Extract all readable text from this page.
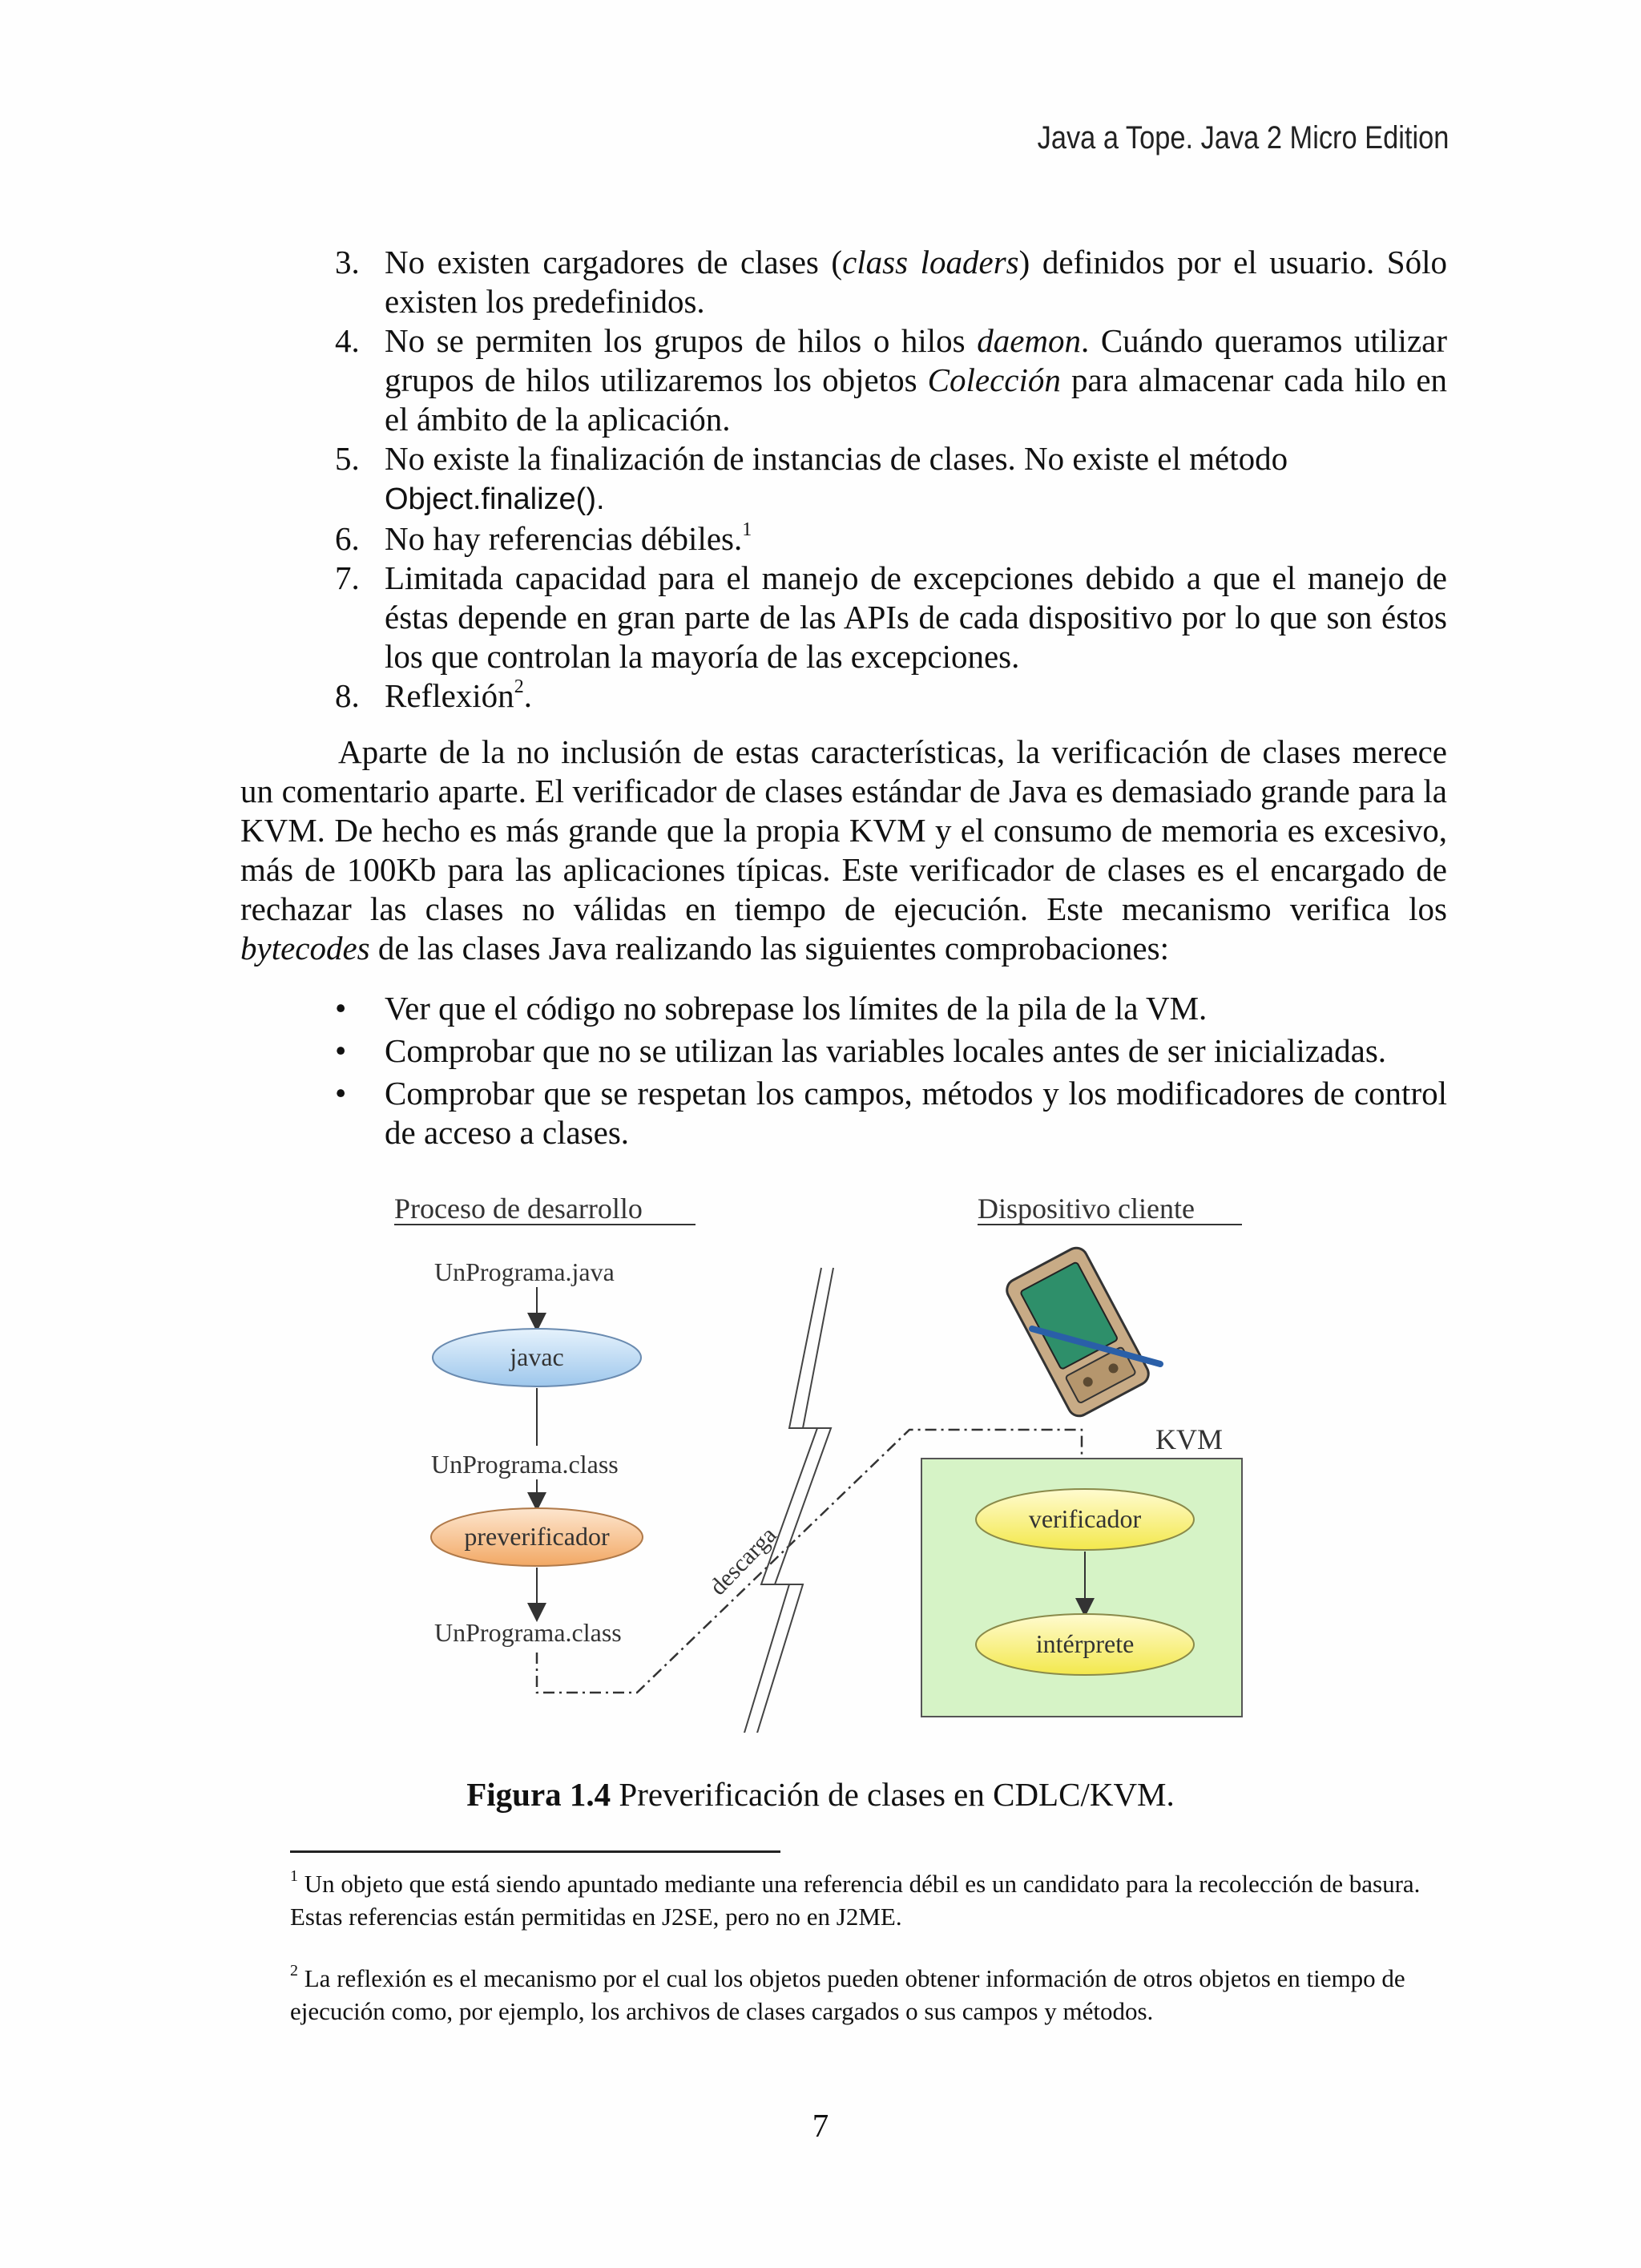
Java a Tope. Java 2 Micro Edition
3. No existen cargadores de clases (class loaders) definidos por el usuario. Sólo existen los predefinidos.
4. No se permiten los grupos de hilos o hilos daemon. Cuándo queramos utilizar grupos de hilos utilizaremos los objetos Colección para almacenar cada hilo en el ámbito de la aplicación.
5. No existe la finalización de instancias de clases. No existe el método
Object.finalize().
6. No hay referencias débiles.$^1$
7. Limitada capacidad para el manejo de excepciones debido a que el manejo de éstas depende en gran parte de las APIs de cada dispositivo por lo que son éstos los que controlan la mayoría de las excepciones.
8. Reflexión$^2$.

Aparte de la no inclusión de estas características, la verificación de clases merece un comentario aparte. El verificador de clases estándar de Java es demasiado grande para la KVM. De hecho es más grande que la propia KVM y el consumo de memoria es excesivo, más de 100Kb para las aplicaciones típicas. Este verificador de clases es el encargado de rechazar las clases no válidas en tiempo de ejecución. Este mecanismo verifica los bytecodes de las clases Java realizando las siguientes comprobaciones:

• Ver que el código no sobrepase los límites de la pila de la VM.
• Comprobar que no se utilizan las variables locales antes de ser inicializadas.
• Comprobar que se respetan los campos, métodos y los modificadores de control de acceso a clases.
Proceso de desarrollo	Dispositivo cliente
UnPrograma.java
javac
UnPrograma.class
preverificador
UnPrograma.class
descarga
KVM
verificador
intérprete
Figura 1.4 Preverificación de clases en CDLC/KVM.

$^1$ Un objeto que está siendo apuntado mediante una referencia débil es un candidato para la recolección de basura. Estas referencias están permitidas en J2SE, pero no en J2ME.

$^2$ La reflexión es el mecanismo por el cual los objetos pueden obtener información de otros objetos en tiempo de ejecución como, por ejemplo, los archivos de clases cargados o sus campos y métodos.

7
